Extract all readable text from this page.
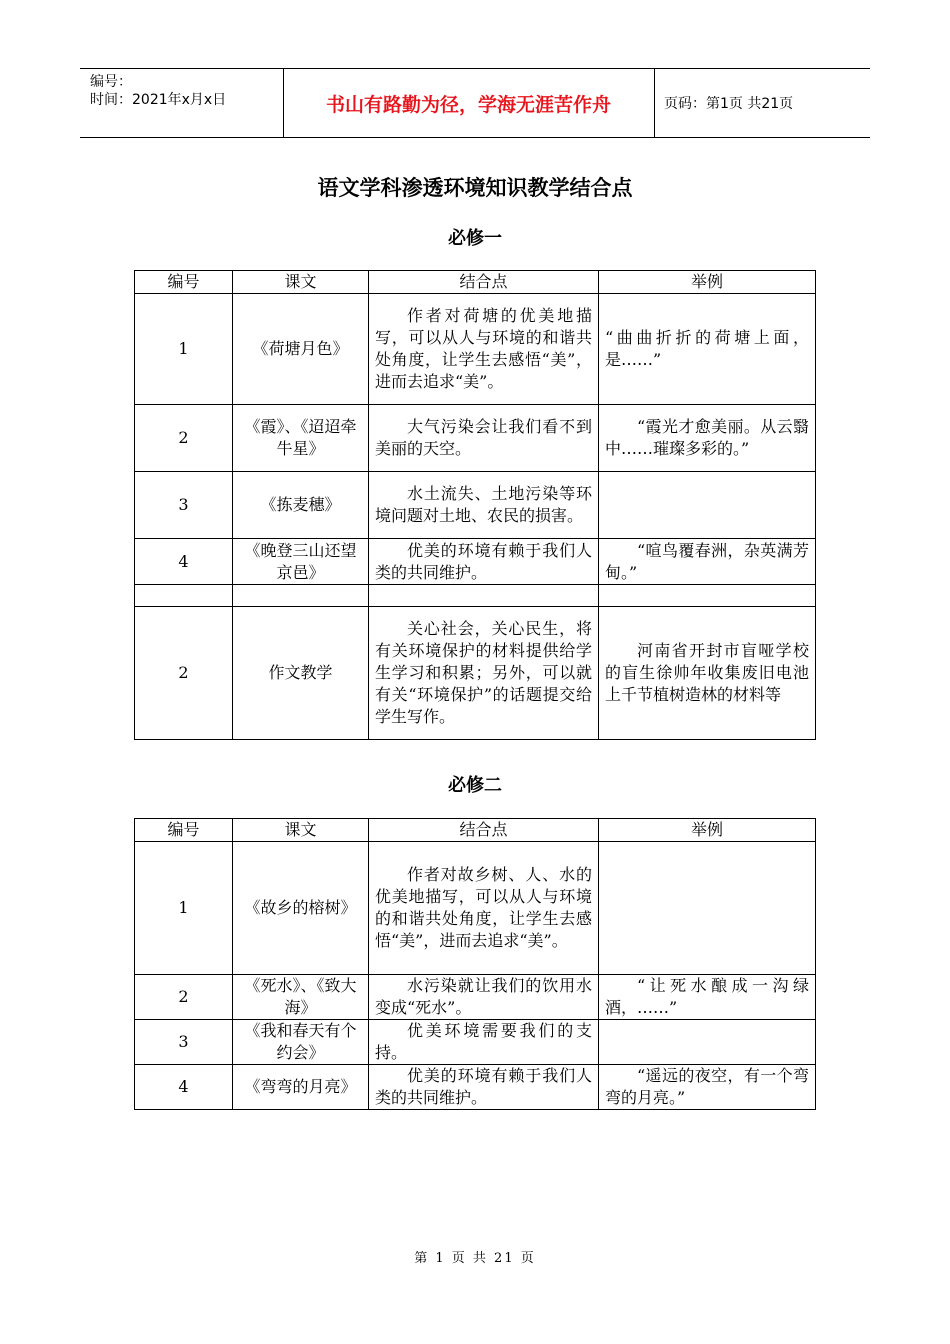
编号：
时间：2021年x月x日	书山有路勤为径，学海无涯苦作舟	页码：第1页 共21页
语文学科渗透环境知识教学结合点
必修一
编号	课文	结合点	举例
1	《荷塘月色》	作者对荷塘的优美地描写，可以从人与环境的和谐共处角度，让学生去感悟“美”，进而去追求“美”。	“曲曲折折的荷塘上面，是……”
2	《霞》、《迢迢牵牛星》	大气污染会让我们看不到美丽的天空。	“霞光才愈美丽。从云翳中……璀璨多彩的。”
3	《拣麦穗》	水土流失、土地污染等环境问题对土地、农民的损害。	
4	《晚登三山还望京邑》	优美的环境有赖于我们人类的共同维护。	“喧鸟覆春洲，杂英满芳甸。”

2	作文教学	关心社会，关心民生，将有关环境保护的材料提供给学生学习和积累；另外，可以就有关“环境保护”的话题提交给学生写作。	河南省开封市盲哑学校的盲生徐帅年收集废旧电池上千节植树造林的材料等
必修二
编号	课文	结合点	举例
1	《故乡的榕树》	作者对故乡树、人、水的优美地描写，可以从人与环境的和谐共处角度，让学生去感悟“美”，进而去追求“美”。	
2	《死水》、《致大海》	水污染就让我们的饮用水变成“死水”。	“让死水酿成一沟绿酒，……”
3	《我和春天有个约会》	优美环境需要我们的支持。	
4	《弯弯的月亮》	优美的环境有赖于我们人类的共同维护。	“遥远的夜空，有一个弯弯的月亮。”
第 1 页 共 21 页
